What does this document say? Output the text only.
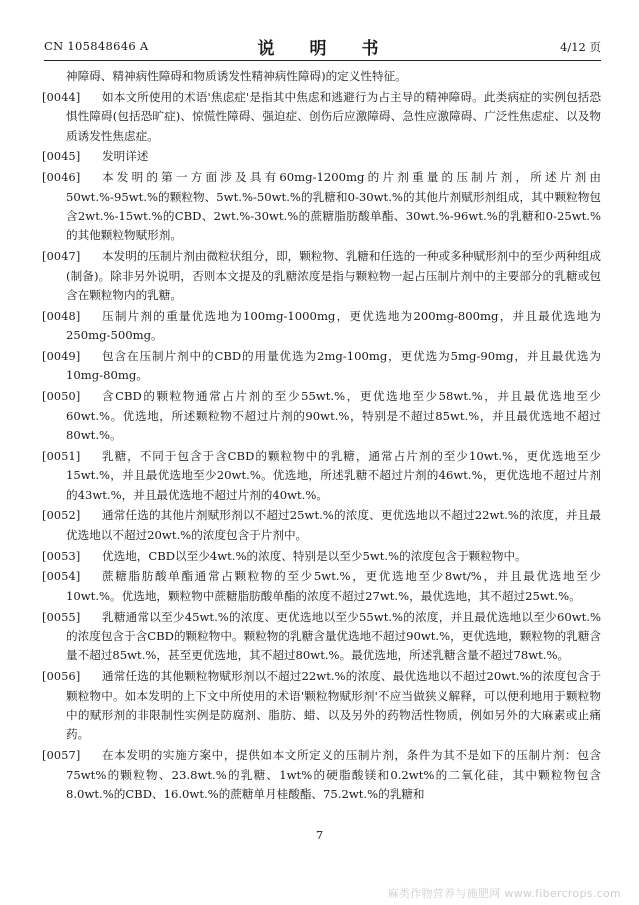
CN 105848646 A	说　明　书	4/12 页
神障碍、精神病性障碍和物质诱发性精神病性障碍)的定义性特征。
[0044]	如本文所使用的术语'焦虑症'是指其中焦虑和逃避行为占主导的精神障碍。此类病症的实例包括恐惧性障碍(包括恐旷症)、惊慌性障碍、强迫症、创伤后应激障碍、急性应激障碍、广泛性焦虑症、以及物质诱发性焦虑症。
[0045]	发明详述
[0046]	本发明的第一方面涉及具有60mg-1200mg的片剂重量的压制片剂，所述片剂由50wt.%-95wt.%的颗粒物、5wt.%-50wt.%的乳糖和0-30wt.%的其他片剂赋形剂组成，其中颗粒物包含2wt.%-15wt.%的CBD、2wt.%-30wt.%的蔗糖脂肪酸单酯、30wt.%-96wt.%的乳糖和0-25wt.%的其他颗粒物赋形剂。
[0047]	本发明的压制片剂由微粒状组分，即，颗粒物、乳糖和任选的一种或多种赋形剂中的至少两种组成(制备)。除非另外说明，否则本文提及的乳糖浓度是指与颗粒物一起占压制片剂中的主要部分的乳糖或包含在颗粒物内的乳糖。
[0048]	压制片剂的重量优选地为100mg-1000mg，更优选地为200mg-800mg，并且最优选地为250mg-500mg。
[0049]	包含在压制片剂中的CBD的用量优选为2mg-100mg，更优选为5mg-90mg，并且最优选为10mg-80mg。
[0050]	含CBD的颗粒物通常占片剂的至少55wt.%，更优选地至少58wt.%，并且最优选地至少60wt.%。优选地，所述颗粒物不超过片剂的90wt.%，特别是不超过85wt.%，并且最优选地不超过80wt.%。
[0051]	乳糖，不同于包含于含CBD的颗粒物中的乳糖，通常占片剂的至少10wt.%，更优选地至少15wt.%，并且最优选地至少20wt.%。优选地，所述乳糖不超过片剂的46wt.%，更优选地不超过片剂的43wt.%，并且最优选地不超过片剂的40wt.%。
[0052]	通常任选的其他片剂赋形剂以不超过25wt.%的浓度、更优选地以不超过22wt.%的浓度，并且最优选地以不超过20wt.%的浓度包含于片剂中。
[0053]	优选地，CBD以至少4wt.%的浓度、特别是以至少5wt.%的浓度包含于颗粒物中。
[0054]	蔗糖脂肪酸单酯通常占颗粒物的至少5wt.%，更优选地至少8wt/%，并且最优选地至少10wt.%。优选地，颗粒物中蔗糖脂肪酸单酯的浓度不超过27wt.%，最优选地，其不超过25wt.%。
[0055]	乳糖通常以至少45wt.%的浓度、更优选地以至少55wt.%的浓度，并且最优选地以至少60wt.%的浓度包含于含CBD的颗粒物中。颗粒物的乳糖含量优选地不超过90wt.%，更优选地，颗粒物的乳糖含量不超过85wt.%，甚至更优选地，其不超过80wt.%。最优选地，所述乳糖含量不超过78wt.%。
[0056]	通常任选的其他颗粒物赋形剂以不超过22wt.%的浓度、最优选地以不超过20wt.%的浓度包含于颗粒物中。如本发明的上下文中所使用的术语'颗粒物赋形剂'不应当做狭义解释，可以便利地用于颗粒物中的赋形剂的非限制性实例是防腐剂、脂肪、蜡、以及另外的药物活性物质，例如另外的大麻素或止痛药。
[0057]	在本发明的实施方案中，提供如本文所定义的压制片剂，条件为其不是如下的压制片剂：包含75wt%的颗粒物、23.8wt.%的乳糖、1wt%的硬脂酸镁和0.2wt%的二氧化硅，其中颗粒物包含8.0wt.%的CBD、16.0wt.%的蔗糖单月桂酸酯、75.2wt.%的乳糖和
7
麻类作物营养与施肥网 www.fibercrops.com
